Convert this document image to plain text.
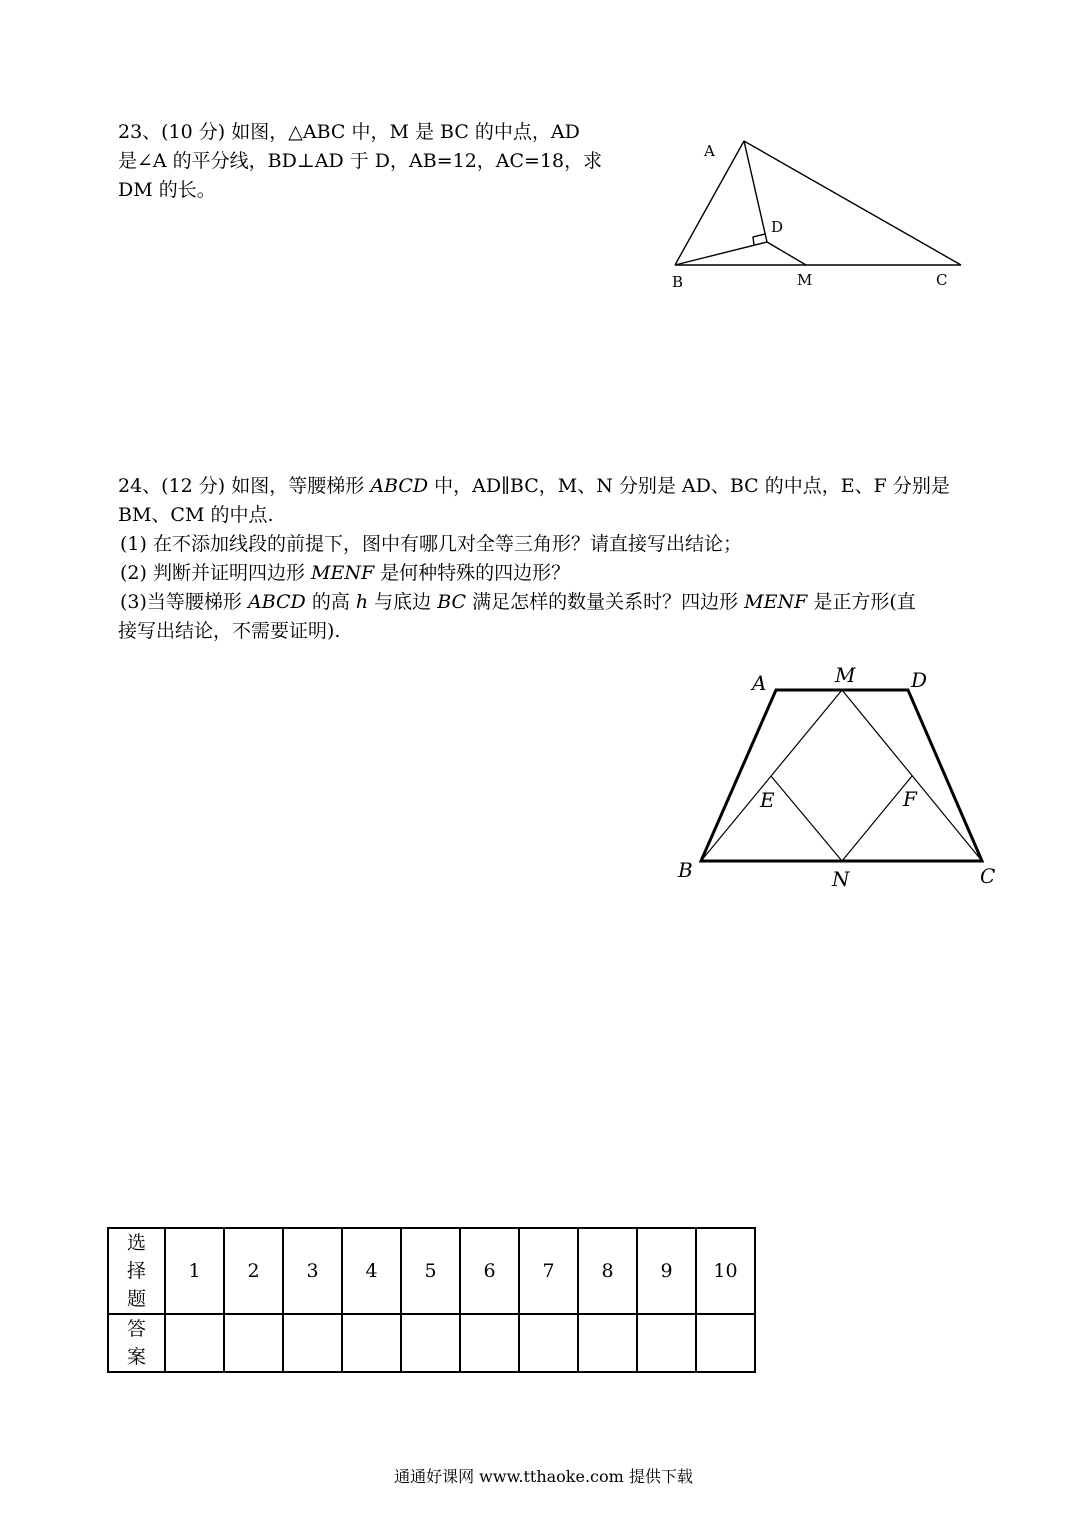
23、(10 分) 如图，△ABC 中，M 是 BC 的中点，AD
是∠A 的平分线，BD⊥AD 于 D，AB=12，AC=18，求
DM 的长。
A
D
B	M	C
24、(12 分) 如图，等腰梯形 ABCD 中，AD∥BC，M、N 分别是 AD、BC 的中点，E、F 分别是
BM、CM 的中点.
(1) 在不添加线段的前提下，图中有哪几对全等三角形？请直接写出结论；
(2) 判断并证明四边形 MENF 是何种特殊的四边形？
(3)当等腰梯形 ABCD 的高 h 与底边 BC 满足怎样的数量关系时？四边形 MENF 是正方形(直
接写出结论，不需要证明).
A	M	D
E	F
B	N	C
选
择
题	1	2	3	4	5	6	7	8	9	10

答
案										

通通好课网 www.tthaoke.com 提供下载
